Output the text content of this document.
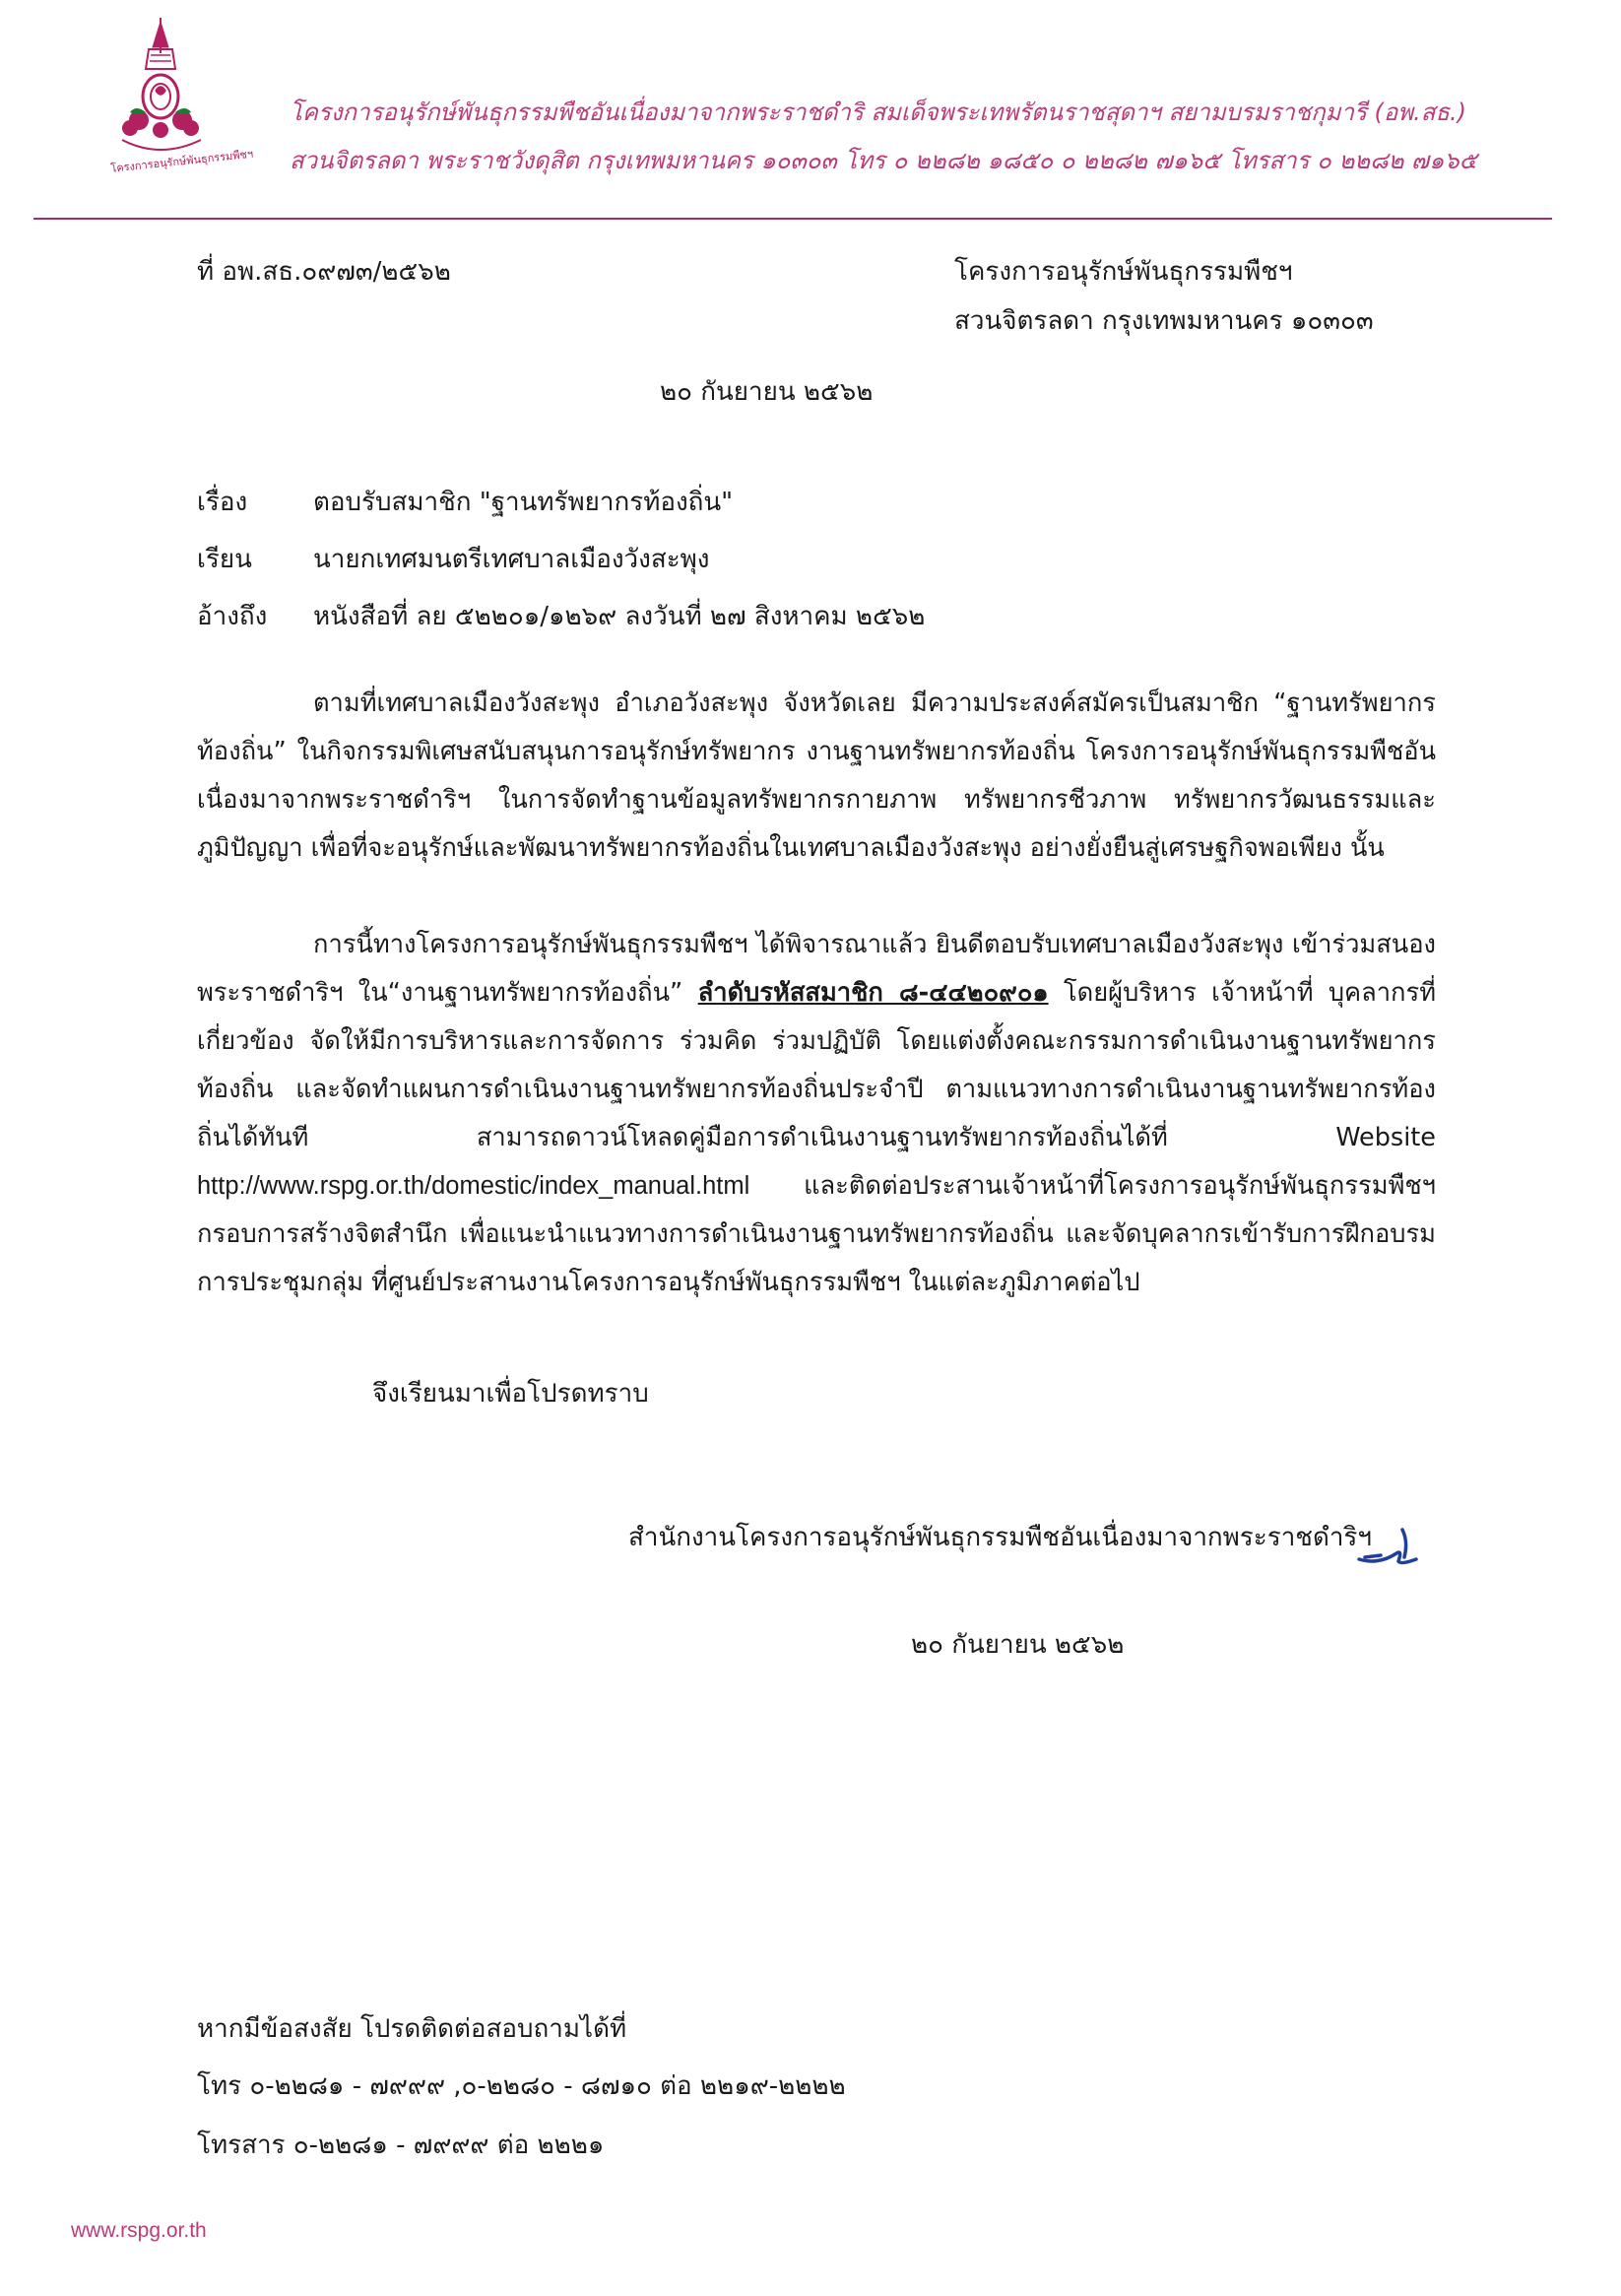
โครงการอนุรักษ์พันธุกรรมพืชฯ
โครงการอนุรักษ์พันธุกรรมพืชอันเนื่องมาจากพระราชดำริ สมเด็จพระเทพรัตนราชสุดาฯ สยามบรมราชกุมารี (อพ.สธ.)
สวนจิตรลดา พระราชวังดุสิต กรุงเทพมหานคร ๑๐๓๐๓ โทร ๐ ๒๒๘๒ ๑๘๕๐ ๐ ๒๒๘๒ ๗๑๖๕ โทรสาร ๐ ๒๒๘๒ ๗๑๖๕
ที่ อพ.สธ.๐๙๗๓/๒๕๖๒	โครงการอนุรักษ์พันธุกรรมพืชฯ
สวนจิตรลดา กรุงเทพมหานคร ๑๐๓๐๓
๒๐ กันยายน ๒๕๖๒
เรื่อง	ตอบรับสมาชิก "ฐานทรัพยากรท้องถิ่น"
เรียน นายกเทศมนตรีเทศบาลเมืองวังสะพุง
อ้างถึง หนังสือที่ ลย ๕๒๒๐๑/๑๒๖๙ ลงวันที่ ๒๗ สิงหาคม ๒๕๖๒
ตามที่เทศบาลเมืองวังสะพุง อำเภอวังสะพุง จังหวัดเลย มีความประสงค์สมัครเป็นสมาชิก “ฐานทรัพยากรท้องถิ่น” ในกิจกรรมพิเศษสนับสนุนการอนุรักษ์ทรัพยากร งานฐานทรัพยากรท้องถิ่น โครงการอนุรักษ์พันธุกรรมพืชอันเนื่องมาจากพระราชดำริฯ ในการจัดทำฐานข้อมูลทรัพยากรกายภาพ ทรัพยากรชีวภาพ ทรัพยากรวัฒนธรรมและภูมิปัญญา เพื่อที่จะอนุรักษ์และพัฒนาทรัพยากรท้องถิ่นในเทศบาลเมืองวังสะพุง อย่างยั่งยืนสู่เศรษฐกิจพอเพียง นั้น
การนี้ทางโครงการอนุรักษ์พันธุกรรมพืชฯ ได้พิจารณาแล้ว ยินดีตอบรับเทศบาลเมืองวังสะพุง เข้าร่วมสนองพระราชดำริฯ ใน“งานฐานทรัพยากรท้องถิ่น” ลำดับรหัสสมาชิก ๘-๔๔๒๐๙๐๑ โดยผู้บริหาร เจ้าหน้าที่ บุคลากรที่เกี่ยวข้อง จัดให้มีการบริหารและการจัดการ ร่วมคิด ร่วมปฏิบัติ โดยแต่งตั้งคณะกรรมการดำเนินงานฐานทรัพยากรท้องถิ่น และจัดทำแผนการดำเนินงานฐานทรัพยากรท้องถิ่นประจำปี ตามแนวทางการดำเนินงานฐานทรัพยากรท้องถิ่นได้ทันที สามารถดาวน์โหลดคู่มือการดำเนินงานฐานทรัพยากรท้องถิ่นได้ที่ Website http://www.rspg.or.th/domestic/index_manual.html และติดต่อประสานเจ้าหน้าที่โครงการอนุรักษ์พันธุกรรมพืชฯ กรอบการสร้างจิตสำนึก เพื่อแนะนำแนวทางการดำเนินงานฐานทรัพยากรท้องถิ่น และจัดบุคลากรเข้ารับการฝึกอบรม การประชุมกลุ่ม ที่ศูนย์ประสานงานโครงการอนุรักษ์พันธุกรรมพืชฯ ในแต่ละภูมิภาคต่อไป
จึงเรียนมาเพื่อโปรดทราบ
สำนักงานโครงการอนุรักษ์พันธุกรรมพืชอันเนื่องมาจากพระราชดำริฯ
๒๐ กันยายน ๒๕๖๒
หากมีข้อสงสัย โปรดติดต่อสอบถามได้ที่
โทร ๐-๒๒๘๑ - ๗๙๙๙ ,๐-๒๒๘๐ - ๘๗๑๐ ต่อ ๒๒๑๙-๒๒๒๒
โทรสาร ๐-๒๒๘๑ - ๗๙๙๙ ต่อ ๒๒๒๑
www.rspg.or.th
